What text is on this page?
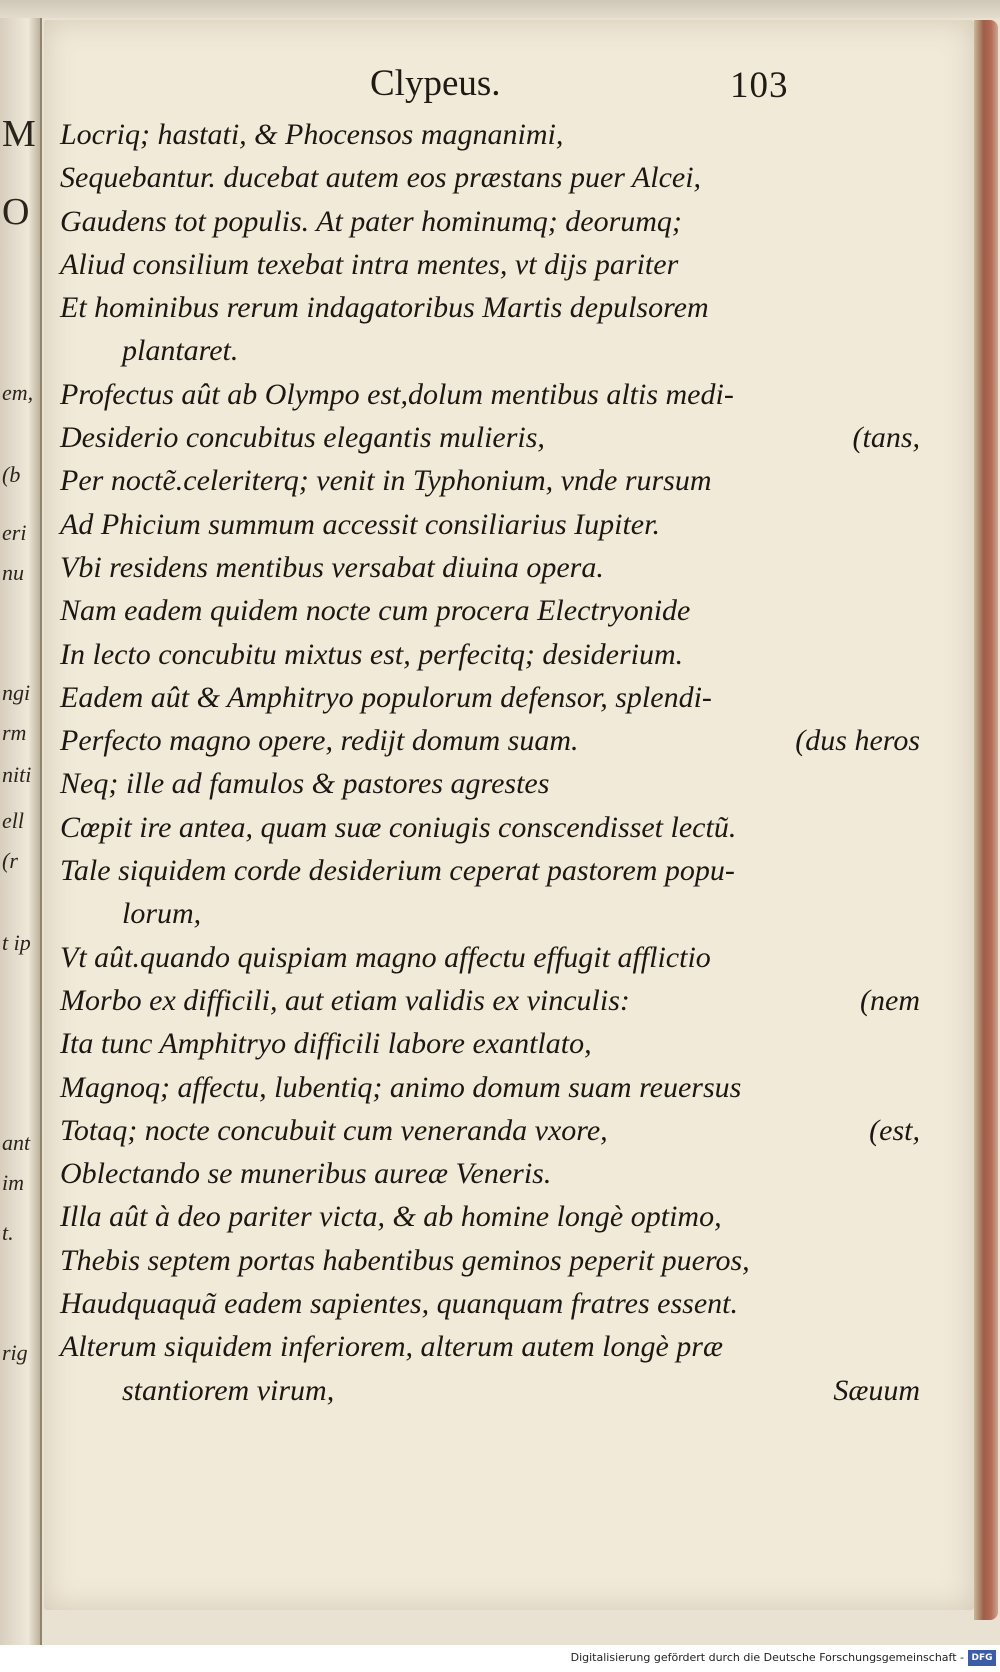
M
O
em,
(b
eri
nu
ngi
rm
niti
ell
(r
t ip
ant
im
t.
rig
Clypeus.	103
Locriq; hastati, & Phocensos magnanimi,
Sequebantur. ducebat autem eos præstans puer Alcei,
Gaudens tot populis. At pater hominumq; deorumq;
Aliud consilium texebat intra mentes, vt dijs pariter
Et hominibus rerum indagatoribus Martis depulsorem
plantaret.
Profectus aût ab Olympo est,dolum mentibus altis medi-
Desiderio concubitus elegantis mulieris,	(tans,
Per noctẽ.celeriterq; venit in Typhonium, vnde rursum
Ad Phicium summum accessit consiliarius Iupiter.
Vbi residens mentibus versabat diuina opera.
Nam eadem quidem nocte cum procera Electryonide
In lecto concubitu mixtus est, perfecitq; desiderium.
Eadem aût & Amphitryo populorum defensor, splendi-
Perfecto magno opere, redijt domum suam.	(dus heros
Neq; ille ad famulos & pastores agrestes
Cœpit ire antea, quam suæ coniugis conscendisset lectũ.
Tale siquidem corde desiderium ceperat pastorem popu-
lorum,
Vt aût.quando quispiam magno affectu effugit afflictio
Morbo ex difficili, aut etiam validis ex vinculis:	(nem
Ita tunc Amphitryo difficili labore exantlato,
Magnoq; affectu, lubentiq; animo domum suam reuersus
Totaq; nocte concubuit cum veneranda vxore,	(est,
Oblectando se muneribus aureæ Veneris.
Illa aût à deo pariter victa, & ab homine longè optimo,
Thebis septem portas habentibus geminos peperit pueros,
Haudquaquã eadem sapientes, quanquam fratres essent.
Alterum siquidem inferiorem, alterum autem longè præ
stantiorem virum,	Sæuum
Digitalisierung gefördert durch die Deutsche Forschungsgemeinschaft - DFG
